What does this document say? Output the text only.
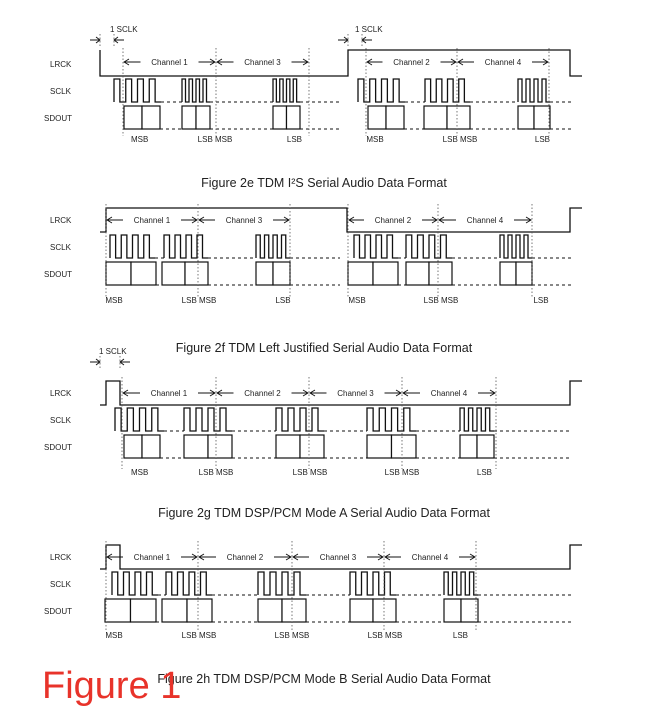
LRCK
SCLK
SDOUT
Channel 1	Channel 3	Channel 2	Channel 4
1 SCLK	1 SCLK
MSB	LSB MSB	LSB	MSB	LSB MSB	LSB
LRCK
SCLK
SDOUT
Channel 1	Channel 3	Channel 2	Channel 4
MSB	LSB MSB	LSB	MSB	LSB MSB	LSB
LRCK
SCLK
SDOUT
Channel 1	Channel 2	Channel 3	Channel 4
1 SCLK
MSB	LSB MSB	LSB MSB	LSB MSB	LSB
LRCK
SCLK
SDOUT
Channel 1	Channel 2	Channel 3	Channel 4
MSB	LSB MSB	LSB MSB	LSB MSB	LSB
Figure 2e TDM I²S Serial Audio Data Format
Figure 2f TDM Left Justified Serial Audio Data Format
Figure 2g TDM DSP/PCM Mode A Serial Audio Data Format
Figure 2h TDM DSP/PCM Mode B Serial Audio Data Format
Figure 1
